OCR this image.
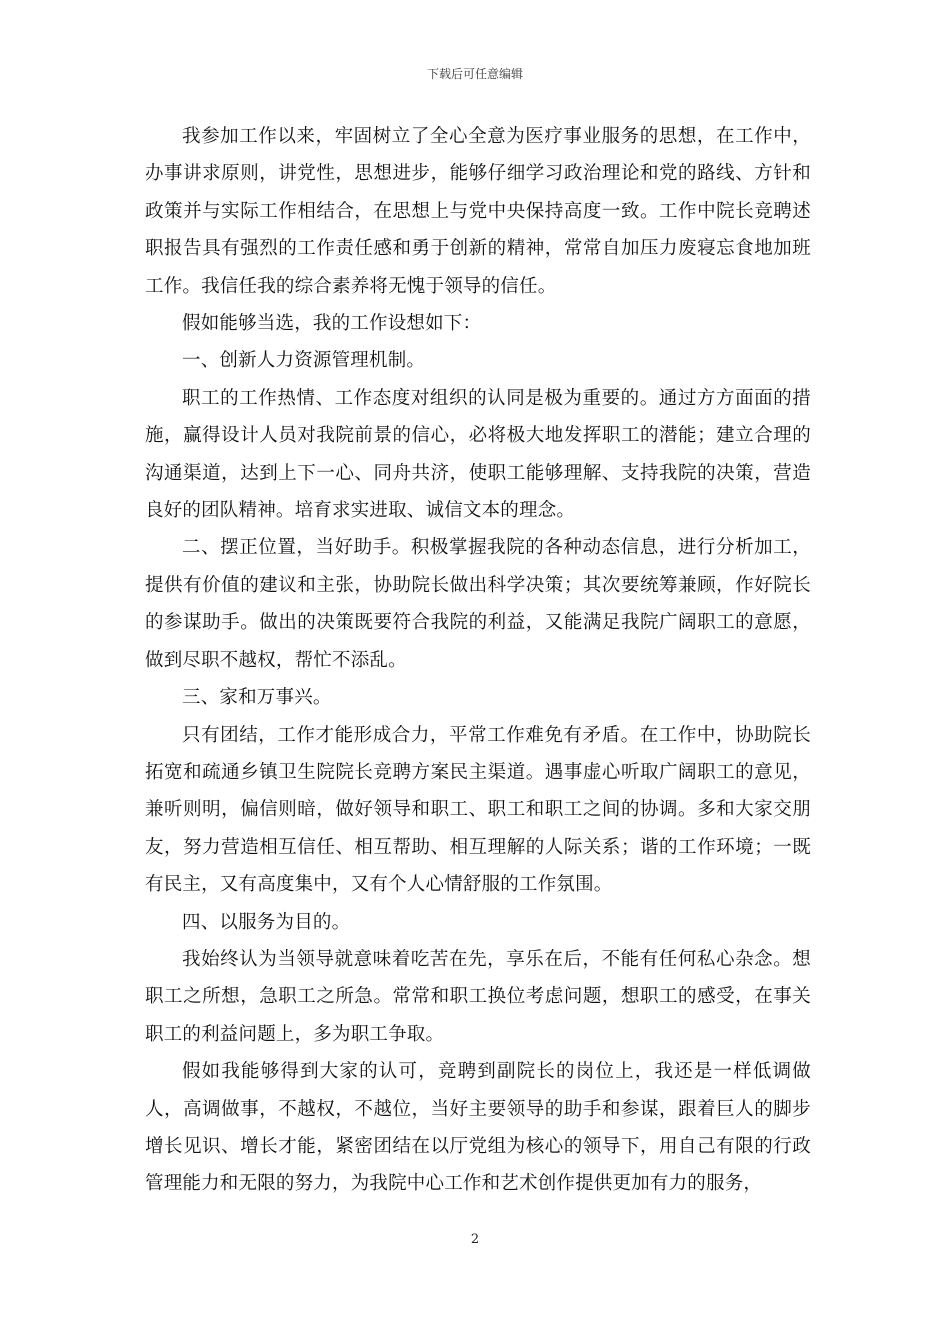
下载后可任意编辑

我参加工作以来，牢固树立了全心全意为医疗事业服务的思想，在工作中，办事讲求原则，讲党性，思想进步，能够仔细学习政治理论和党的路线、方针和政策并与实际工作相结合，在思想上与党中央保持高度一致。工作中院长竞聘述职报告具有强烈的工作责任感和勇于创新的精神，常常自加压力废寝忘食地加班工作。我信任我的综合素养将无愧于领导的信任。

假如能够当选，我的工作设想如下：

一、创新人力资源管理机制。

职工的工作热情、工作态度对组织的认同是极为重要的。通过方方面面的措施，赢得设计人员对我院前景的信心，必将极大地发挥职工的潜能；建立合理的沟通渠道，达到上下一心、同舟共济，使职工能够理解、支持我院的决策，营造良好的团队精神。培育求实进取、诚信文本的理念。

二、摆正位置，当好助手。积极掌握我院的各种动态信息，进行分析加工，提供有价值的建议和主张，协助院长做出科学决策；其次要统筹兼顾，作好院长的参谋助手。做出的决策既要符合我院的利益，又能满足我院广阔职工的意愿，做到尽职不越权，帮忙不添乱。

三、家和万事兴。

只有团结，工作才能形成合力，平常工作难免有矛盾。在工作中，协助院长拓宽和疏通乡镇卫生院院长竞聘方案民主渠道。遇事虚心听取广阔职工的意见，兼听则明，偏信则暗，做好领导和职工、职工和职工之间的协调。多和大家交朋友，努力营造相互信任、相互帮助、相互理解的人际关系；谐的工作环境；一既有民主，又有高度集中，又有个人心情舒服的工作氛围。

四、以服务为目的。

我始终认为当领导就意味着吃苦在先，享乐在后，不能有任何私心杂念。想职工之所想，急职工之所急。常常和职工换位考虑问题，想职工的感受，在事关职工的利益问题上，多为职工争取。

假如我能够得到大家的认可，竞聘到副院长的岗位上，我还是一样低调做人，高调做事，不越权，不越位，当好主要领导的助手和参谋，跟着巨人的脚步增长见识、增长才能，紧密团结在以厅党组为核心的领导下，用自己有限的行政管理能力和无限的努力，为我院中心工作和艺术创作提供更加有力的服务，

2
